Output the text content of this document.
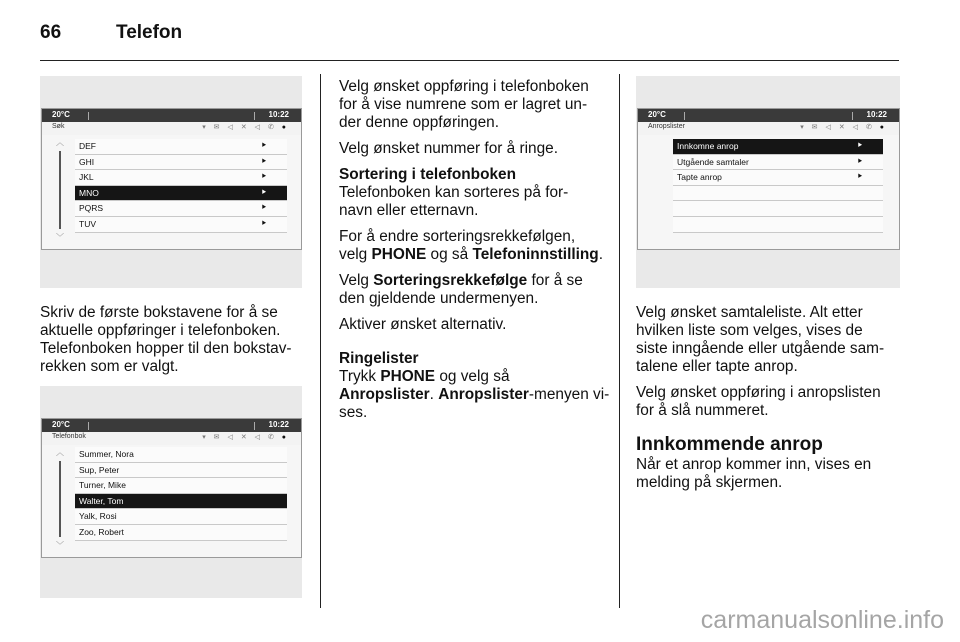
66	Telefon
20°C	10:22
Søk	▾ ✉ ◁ ✕ ◁ ✆ ●
︿
﹀
DEF	⯈
GHI	⯈
JKL	⯈
MNO	⯈
PQRS	⯈
TUV	⯈
20°C	10:22
Telefonbok	▾ ✉ ◁ ✕ ◁ ✆ ●
︿
﹀
Summer, Nora
Sup, Peter
Turner, Mike
Walter, Tom
Yalk, Rosi
Zoo, Robert
20°C	10:22
Anropslister	▾ ✉ ◁ ✕ ◁ ✆ ●
Innkomne anrop	⯈
Utgående samtaler	⯈
Tapte anrop	⯈

Skriv de første bokstavene for å se
aktuelle oppføringer i telefonboken.
Telefonboken hopper til den bokstav-
rekken som er valgt.

Velg ønsket oppføring i telefonboken
for å vise numrene som er lagret un-
der denne oppføringen.

Velg ønsket nummer for å ringe.

Sortering i telefonboken

Telefonboken kan sorteres på for-
navn eller etternavn.

For å endre sorteringsrekkefølgen,
velg PHONE og så Telefoninnstilling.

Velg Sorteringsrekkefølge for å se
den gjeldende undermenyen.

Aktiver ønsket alternativ.

Ringelister

Trykk PHONE og velg så
Anropslister. Anropslister-menyen vi-
ses.

Velg ønsket samtaleliste. Alt etter
hvilken liste som velges, vises de
siste inngående eller utgående sam-
talene eller tapte anrop.

Velg ønsket oppføring i anropslisten
for å slå nummeret.

Innkommende anrop

Når et anrop kommer inn, vises en
melding på skjermen.

carmanualsonline.info
